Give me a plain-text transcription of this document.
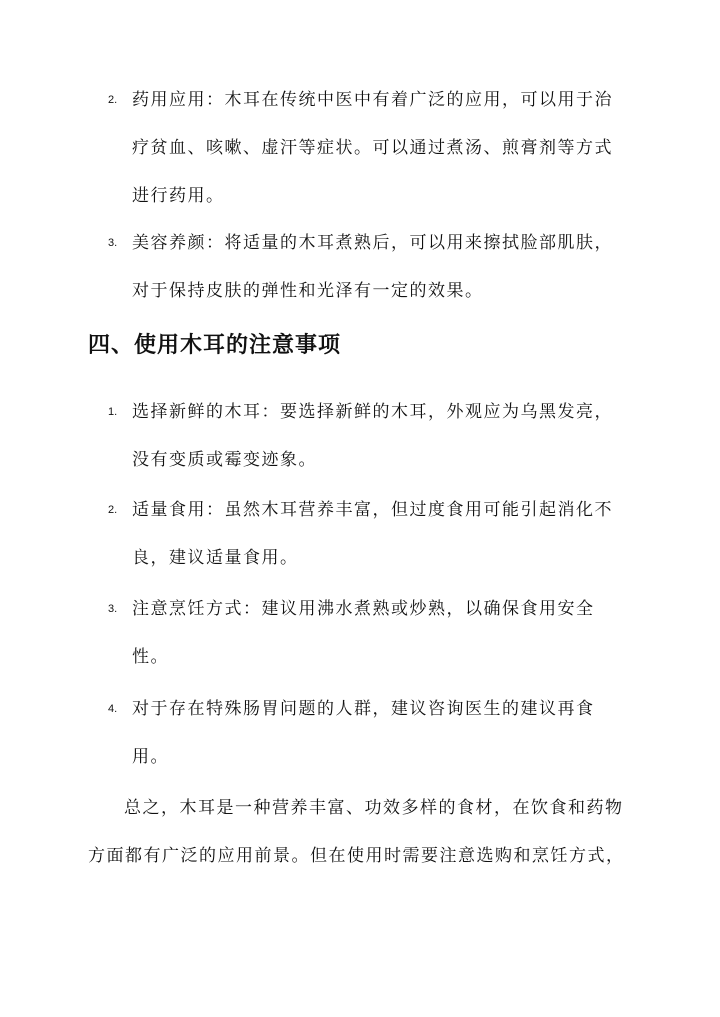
2. 药用应用：木耳在传统中医中有着广泛的应用，可以用于治疗贫血、咳嗽、虚汗等症状。可以通过煮汤、煎膏剂等方式进行药用。
3. 美容养颜：将适量的木耳煮熟后，可以用来擦拭脸部肌肤，对于保持皮肤的弹性和光泽有一定的效果。
四、使用木耳的注意事项
1. 选择新鲜的木耳：要选择新鲜的木耳，外观应为乌黑发亮，没有变质或霉变迹象。
2. 适量食用：虽然木耳营养丰富，但过度食用可能引起消化不良，建议适量食用。
3. 注意烹饪方式：建议用沸水煮熟或炒熟，以确保食用安全性。
4. 对于存在特殊肠胃问题的人群，建议咨询医生的建议再食用。
总之，木耳是一种营养丰富、功效多样的食材，在饮食和药物方面都有广泛的应用前景。但在使用时需要注意选购和烹饪方式，
